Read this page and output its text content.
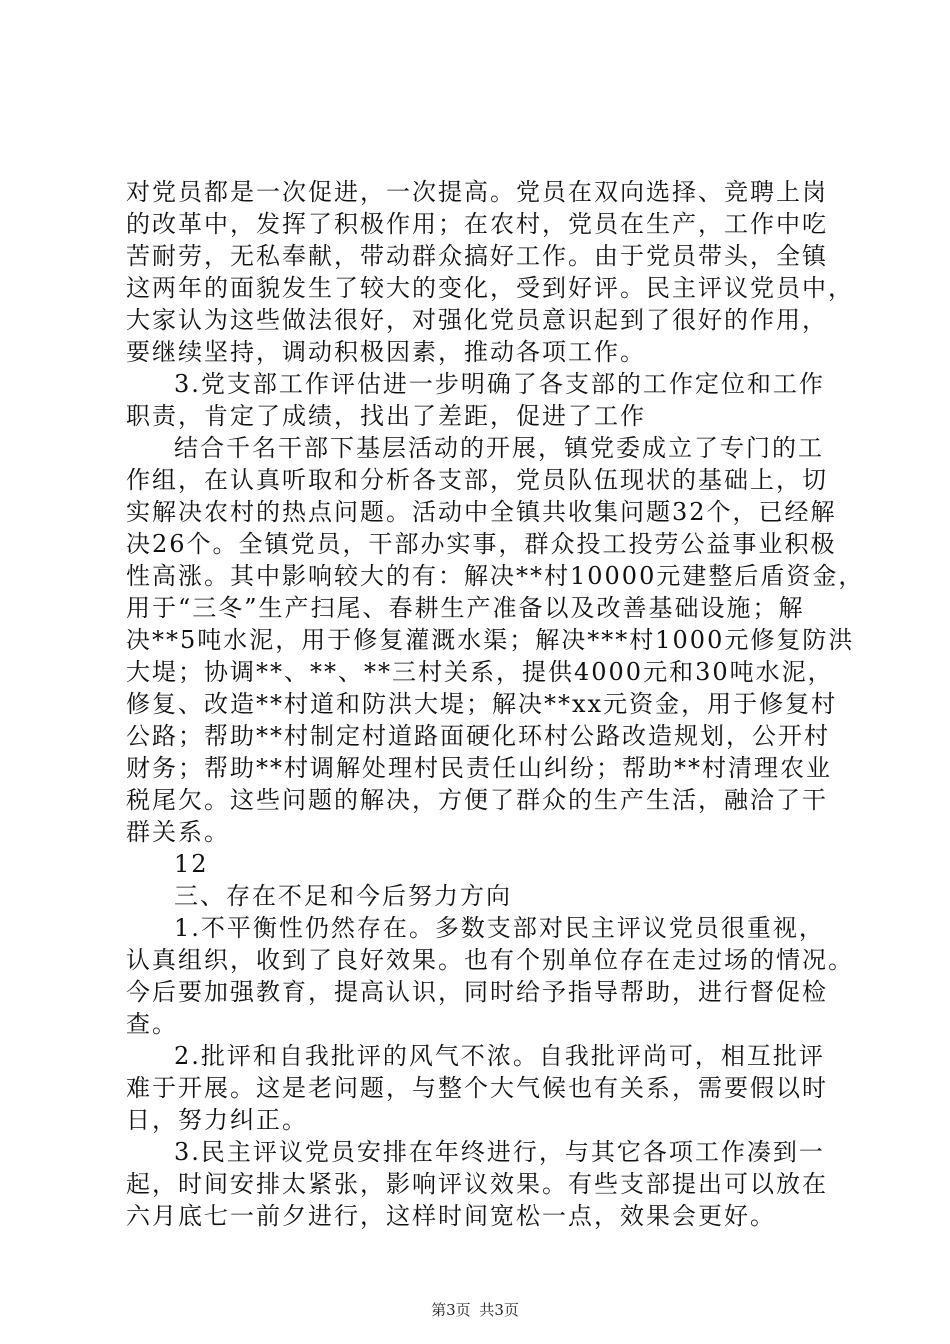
对党员都是一次促进，一次提高。党员在双向选择、竞聘上岗
的改革中，发挥了积极作用；在农村，党员在生产，工作中吃
苦耐劳，无私奉献，带动群众搞好工作。由于党员带头，全镇
这两年的面貌发生了较大的变化，受到好评。民主评议党员中，
大家认为这些做法很好，对强化党员意识起到了很好的作用，
要继续坚持，调动积极因素，推动各项工作。
3.党支部工作评估进一步明确了各支部的工作定位和工作
职责，肯定了成绩，找出了差距，促进了工作
结合千名干部下基层活动的开展，镇党委成立了专门的工
作组，在认真听取和分析各支部，党员队伍现状的基础上，切
实解决农村的热点问题。活动中全镇共收集问题32个，已经解
决26个。全镇党员，干部办实事，群众投工投劳公益事业积极
性高涨。其中影响较大的有：解决**村10000元建整后盾资金，
用于“三冬”生产扫尾、春耕生产准备以及改善基础设施；解
决**5吨水泥，用于修复灌溉水渠；解决***村1000元修复防洪
大堤；协调**、**、**三村关系，提供4000元和30吨水泥，
修复、改造**村道和防洪大堤；解决**xx元资金，用于修复村
公路；帮助**村制定村道路面硬化环村公路改造规划，公开村
财务；帮助**村调解处理村民责任山纠纷；帮助**村清理农业
税尾欠。这些问题的解决，方便了群众的生产生活，融洽了干
群关系。
12
三、存在不足和今后努力方向
1.不平衡性仍然存在。多数支部对民主评议党员很重视，
认真组织，收到了良好效果。也有个别单位存在走过场的情况。
今后要加强教育，提高认识，同时给予指导帮助，进行督促检
查。
2.批评和自我批评的风气不浓。自我批评尚可，相互批评
难于开展。这是老问题，与整个大气候也有关系，需要假以时
日，努力纠正。
3.民主评议党员安排在年终进行，与其它各项工作凑到一
起，时间安排太紧张，影响评议效果。有些支部提出可以放在
六月底七一前夕进行，这样时间宽松一点，效果会更好。
第3页 共3页
